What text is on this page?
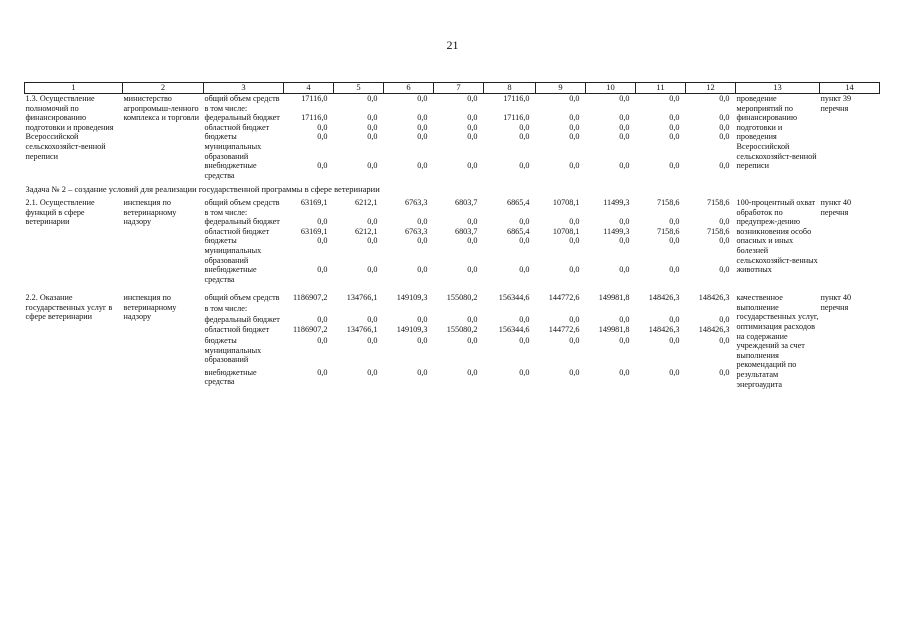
21
1	2	3	4	5	6	7	8	9	10	11	12	13	14
1.3. Осуществление полномочий по финансированию подготовки и проведения Всероссийской сельскохозяйст-венной переписи	министерство агропромыш-ленного комплекса и торговли	общий объем средств	17116,0	0,0	0,0	0,0	17116,0	0,0	0,0	0,0	0,0	проведение мероприятий по финансированию подготовки и проведения Всероссийской сельскохозяйст-венной переписи	пункт 39 перечня
		в том числе:											
		федеральный бюджет	17116,0	0,0	0,0	0,0	17116,0	0,0	0,0	0,0	0,0		
		областной бюджет	0,0	0,0	0,0	0,0	0,0	0,0	0,0	0,0	0,0		
		бюджеты муниципальных образований	0,0	0,0	0,0	0,0	0,0	0,0	0,0	0,0	0,0		
		внебюджетные средства	0,0	0,0	0,0	0,0	0,0	0,0	0,0	0,0	0,0		
Задача № 2 – создание условий для реализации государственной программы в сфере ветеринарии													
2.1. Осуществление функций в сфере ветеринарии	инспекция по ветеринарному надзору	общий объем средств	63169,1	6212,1	6763,3	6803,7	6865,4	10708,1	11499,3	7158,6	7158,6	100-процентный охват обработок по предупреж-дению возникновения особо опасных и иных болезней сельскохозяйст-венных животных	пункт 40 перечня
		в том числе:											
		федеральный бюджет	0,0	0,0	0,0	0,0	0,0	0,0	0,0	0,0	0,0		
		областной бюджет	63169,1	6212,1	6763,3	6803,7	6865,4	10708,1	11499,3	7158,6	7158,6		
		бюджеты муниципальных образований	0,0	0,0	0,0	0,0	0,0	0,0	0,0	0,0	0,0		
		внебюджетные средства	0,0	0,0	0,0	0,0	0,0	0,0	0,0	0,0	0,0		

2.2. Оказание государственных услуг в сфере ветеринарии	инспекция по ветеринарному надзору	общий объем средств	1186907,2	134766,1	149109,3	155080,2	156344,6	144772,6	149981,8	148426,3	148426,3	качественное выполнение государственных услуг, оптимизация расходов на содержание учреждений за счет выполнения рекомендаций по результатам энергоаудита	пункт 40 перечня
		в том числе:											
		федеральный бюджет	0,0	0,0	0,0	0,0	0,0	0,0	0,0	0,0	0,0		
		областной бюджет	1186907,2	134766,1	149109,3	155080,2	156344,6	144772,6	149981,8	148426,3	148426,3		
		бюджеты муниципальных образований	0,0	0,0	0,0	0,0	0,0	0,0	0,0	0,0	0,0		
		внебюджетные средства	0,0	0,0	0,0	0,0	0,0	0,0	0,0	0,0	0,0		
